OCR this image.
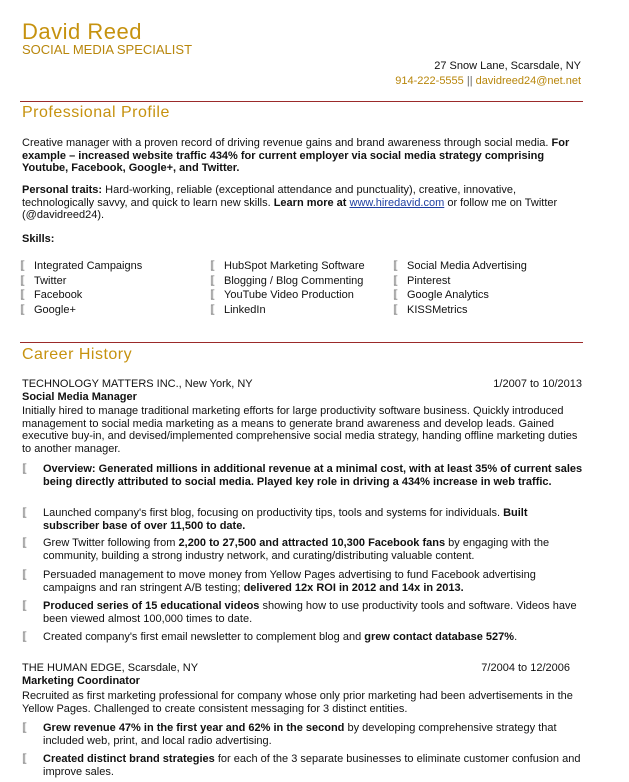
David Reed
SOCIAL MEDIA SPECIALIST
27 Snow Lane, Scarsdale, NY
914-222-5555 || davidreed24@net.net
Professional Profile
Creative manager with a proven record of driving revenue gains and brand awareness through social media. For example – increased website traffic 434% for current employer via social media strategy comprising Youtube, Facebook, Google+, and Twitter.
Personal traits: Hard-working, reliable (exceptional attendance and punctuality), creative, innovative, technologically savvy, and quick to learn new skills. Learn more at www.hiredavid.com or follow me on Twitter (@davidreed24).
Skills:
⟦ Integrated Campaigns
⟦ Twitter
⟦ Facebook
⟦ Google+
⟦ HubSpot Marketing Software
⟦ Blogging / Blog Commenting
⟦ YouTube Video Production
⟦ LinkedIn
⟦ Social Media Advertising
⟦ Pinterest
⟦ Google Analytics
⟦ KISSMetrics
Career History
TECHNOLOGY MATTERS INC., New York, NY	1/2007 to 10/2013
Social Media Manager
Initially hired to manage traditional marketing efforts for large productivity software business. Quickly introduced management to social media marketing as a means to generate brand awareness and develop leads. Gained executive buy-in, and devised/implemented comprehensive social media strategy, handing offline marketing duties to another manager.
⟦ Overview: Generated millions in additional revenue at a minimal cost, with at least 35% of current sales being directly attributed to social media. Played key role in driving a 434% increase in web traffic.
⟦ Launched company's first blog, focusing on productivity tips, tools and systems for individuals. Built subscriber base of over 11,500 to date.
⟦ Grew Twitter following from 2,200 to 27,500 and attracted 10,300 Facebook fans by engaging with the community, building a strong industry network, and curating/distributing valuable content.
⟦ Persuaded management to move money from Yellow Pages advertising to fund Facebook advertising campaigns and ran stringent A/B testing; delivered 12x ROI in 2012 and 14x in 2013.
⟦ Produced series of 15 educational videos showing how to use productivity tools and software. Videos have been viewed almost 100,000 times to date.
⟦ Created company's first email newsletter to complement blog and grew contact database 527%.
THE HUMAN EDGE, Scarsdale, NY	7/2004 to 12/2006
Marketing Coordinator
Recruited as first marketing professional for company whose only prior marketing had been advertisements in the Yellow Pages. Challenged to create consistent messaging for 3 distinct entities.
⟦ Grew revenue 47% in the first year and 62% in the second by developing comprehensive strategy that included web, print, and local radio advertising.
⟦ Created distinct brand strategies for each of the 3 separate businesses to eliminate customer confusion and improve sales.
